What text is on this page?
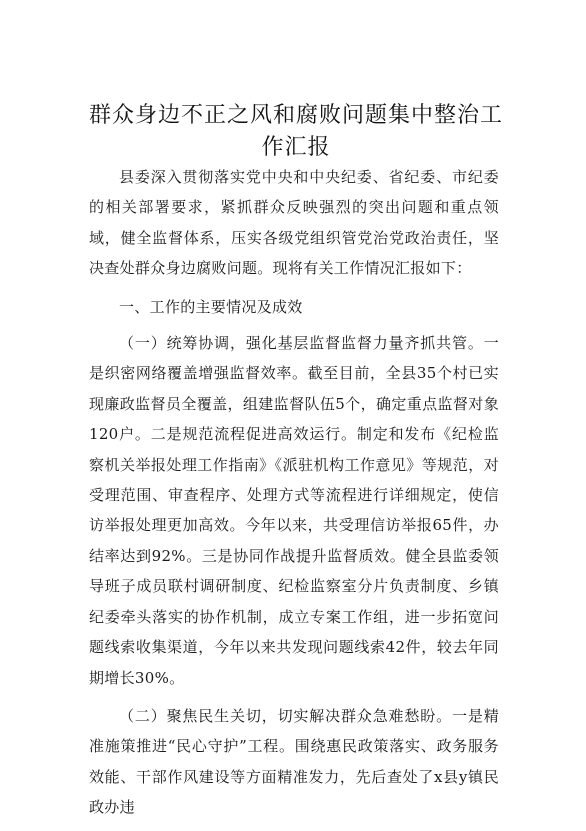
群众身边不正之风和腐败问题集中整治工作汇报

县委深入贯彻落实党中央和中央纪委、省纪委、市纪委的相关部署要求，紧抓群众反映强烈的突出问题和重点领域，健全监督体系，压实各级党组织管党治党政治责任，坚决查处群众身边腐败问题。现将有关工作情况汇报如下：

一、工作的主要情况及成效

（一）统筹协调，强化基层监督监督力量齐抓共管。一是织密网络覆盖增强监督效率。截至目前，全县35个村已实现廉政监督员全覆盖，组建监督队伍5个，确定重点监督对象120户。二是规范流程促进高效运行。制定和发布《纪检监察机关举报处理工作指南》《派驻机构工作意见》等规范，对受理范围、审查程序、处理方式等流程进行详细规定，使信访举报处理更加高效。今年以来，共受理信访举报65件，办结率达到92%。三是协同作战提升监督质效。健全县监委领导班子成员联村调研制度、纪检监察室分片负责制度、乡镇纪委牵头落实的协作机制，成立专案工作组，进一步拓宽问题线索收集渠道，今年以来共发现问题线索42件，较去年同期增长30%。

（二）聚焦民生关切，切实解决群众急难愁盼。一是精准施策推进“民心守护”工程。围绕惠民政策落实、政务服务效能、干部作风建设等方面精准发力，先后查处了x县y镇民政办违
